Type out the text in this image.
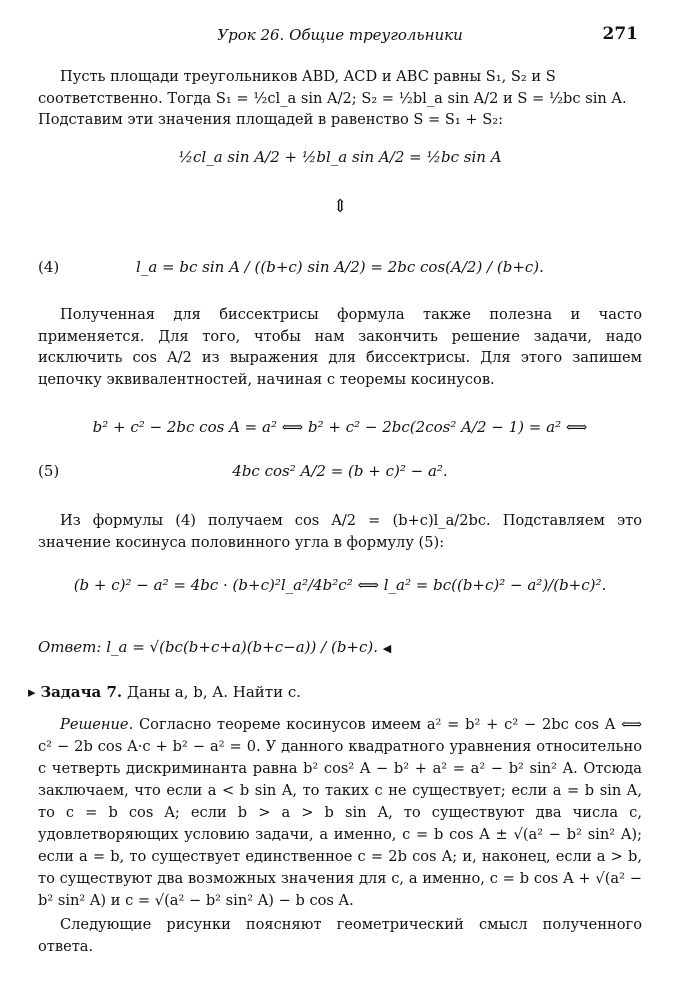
Урок 26. Общие треугольники	271
Пусть площади треугольников ABD, ACD и ABC равны S₁, S₂ и S
соответственно. Тогда S₁ = ½cl_a sin A/2; S₂ = ½bl_a sin A/2 и S = ½bc sin A.
Подставим эти значения площадей в равенство S = S₁ + S₂:
½cl_a sin A/2 + ½bl_a sin A/2 = ½bc sin A
⇕
(4)	l_a = bc sin A / ((b+c) sin A/2) = 2bc cos(A/2) / (b+c).
Полученная для биссектрисы формула также полезна и часто применяется. Для того, чтобы нам закончить решение задачи, надо исключить cos A/2 из выражения для биссектрисы. Для этого запишем цепочку эквивалентностей, начиная с теоремы косинусов.
b² + c² − 2bc cos A = a² ⟺ b² + c² − 2bc(2cos² A/2 − 1) = a² ⟺
(5)	4bc cos² A/2 = (b + c)² − a².
Из формулы (4) получаем cos A/2 = (b+c)l_a/2bc. Подставляем это значение косинуса половинного угла в формулу (5):
(b + c)² − a² = 4bc · (b+c)²l_a²/4b²c² ⟺ l_a² = bc((b+c)² − a²)/(b+c)².
Ответ: l_a = √(bc(b+c+a)(b+c−a)) / (b+c). ◀
▸ Задача 7. Даны a, b, A. Найти c.
Решение. Согласно теореме косинусов имеем a² = b² + c² − 2bc cos A ⟺ c² − 2b cos A·c + b² − a² = 0. У данного квадратного уравнения относительно c четверть дискриминанта равна b² cos² A − b² + a² = a² − b² sin² A. Отсюда заключаем, что если a < b sin A, то таких c не существует; если a = b sin A, то c = b cos A; если b > a > b sin A, то существуют два числа c, удовлетворяющих условию задачи, а именно, c = b cos A ± √(a² − b² sin² A); если a = b, то существует единственное c = 2b cos A; и, наконец, если a > b, то существуют два возможных значения для c, а именно, c = b cos A + √(a² − b² sin² A) и c = √(a² − b² sin² A) − b cos A.
Следующие рисунки поясняют геометрический смысл полученного ответа.
